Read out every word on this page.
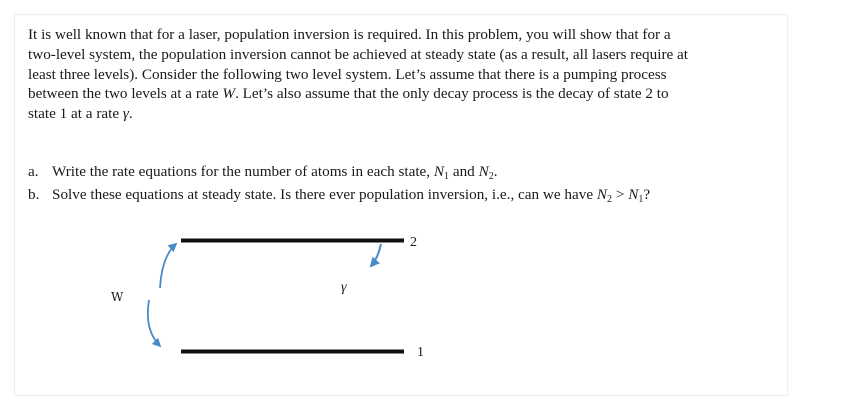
It is well known that for a laser, population inversion is required. In this problem, you will show that for a
two-level system, the population inversion cannot be achieved at steady state (as a result, all lasers require at
least three levels). Consider the following two level system. Let’s assume that there is a pumping process
between the two levels at a rate W. Let’s also assume that the only decay process is the decay of state 2 to
state 1 at a rate γ.

a. Write the rate equations for the number of atoms in each state, $N_1$ and $N_2$.
b. Solve these equations at steady state. Is there ever population inversion, i.e., can we have $N_2 > N_1$?
2
1
W
γ
